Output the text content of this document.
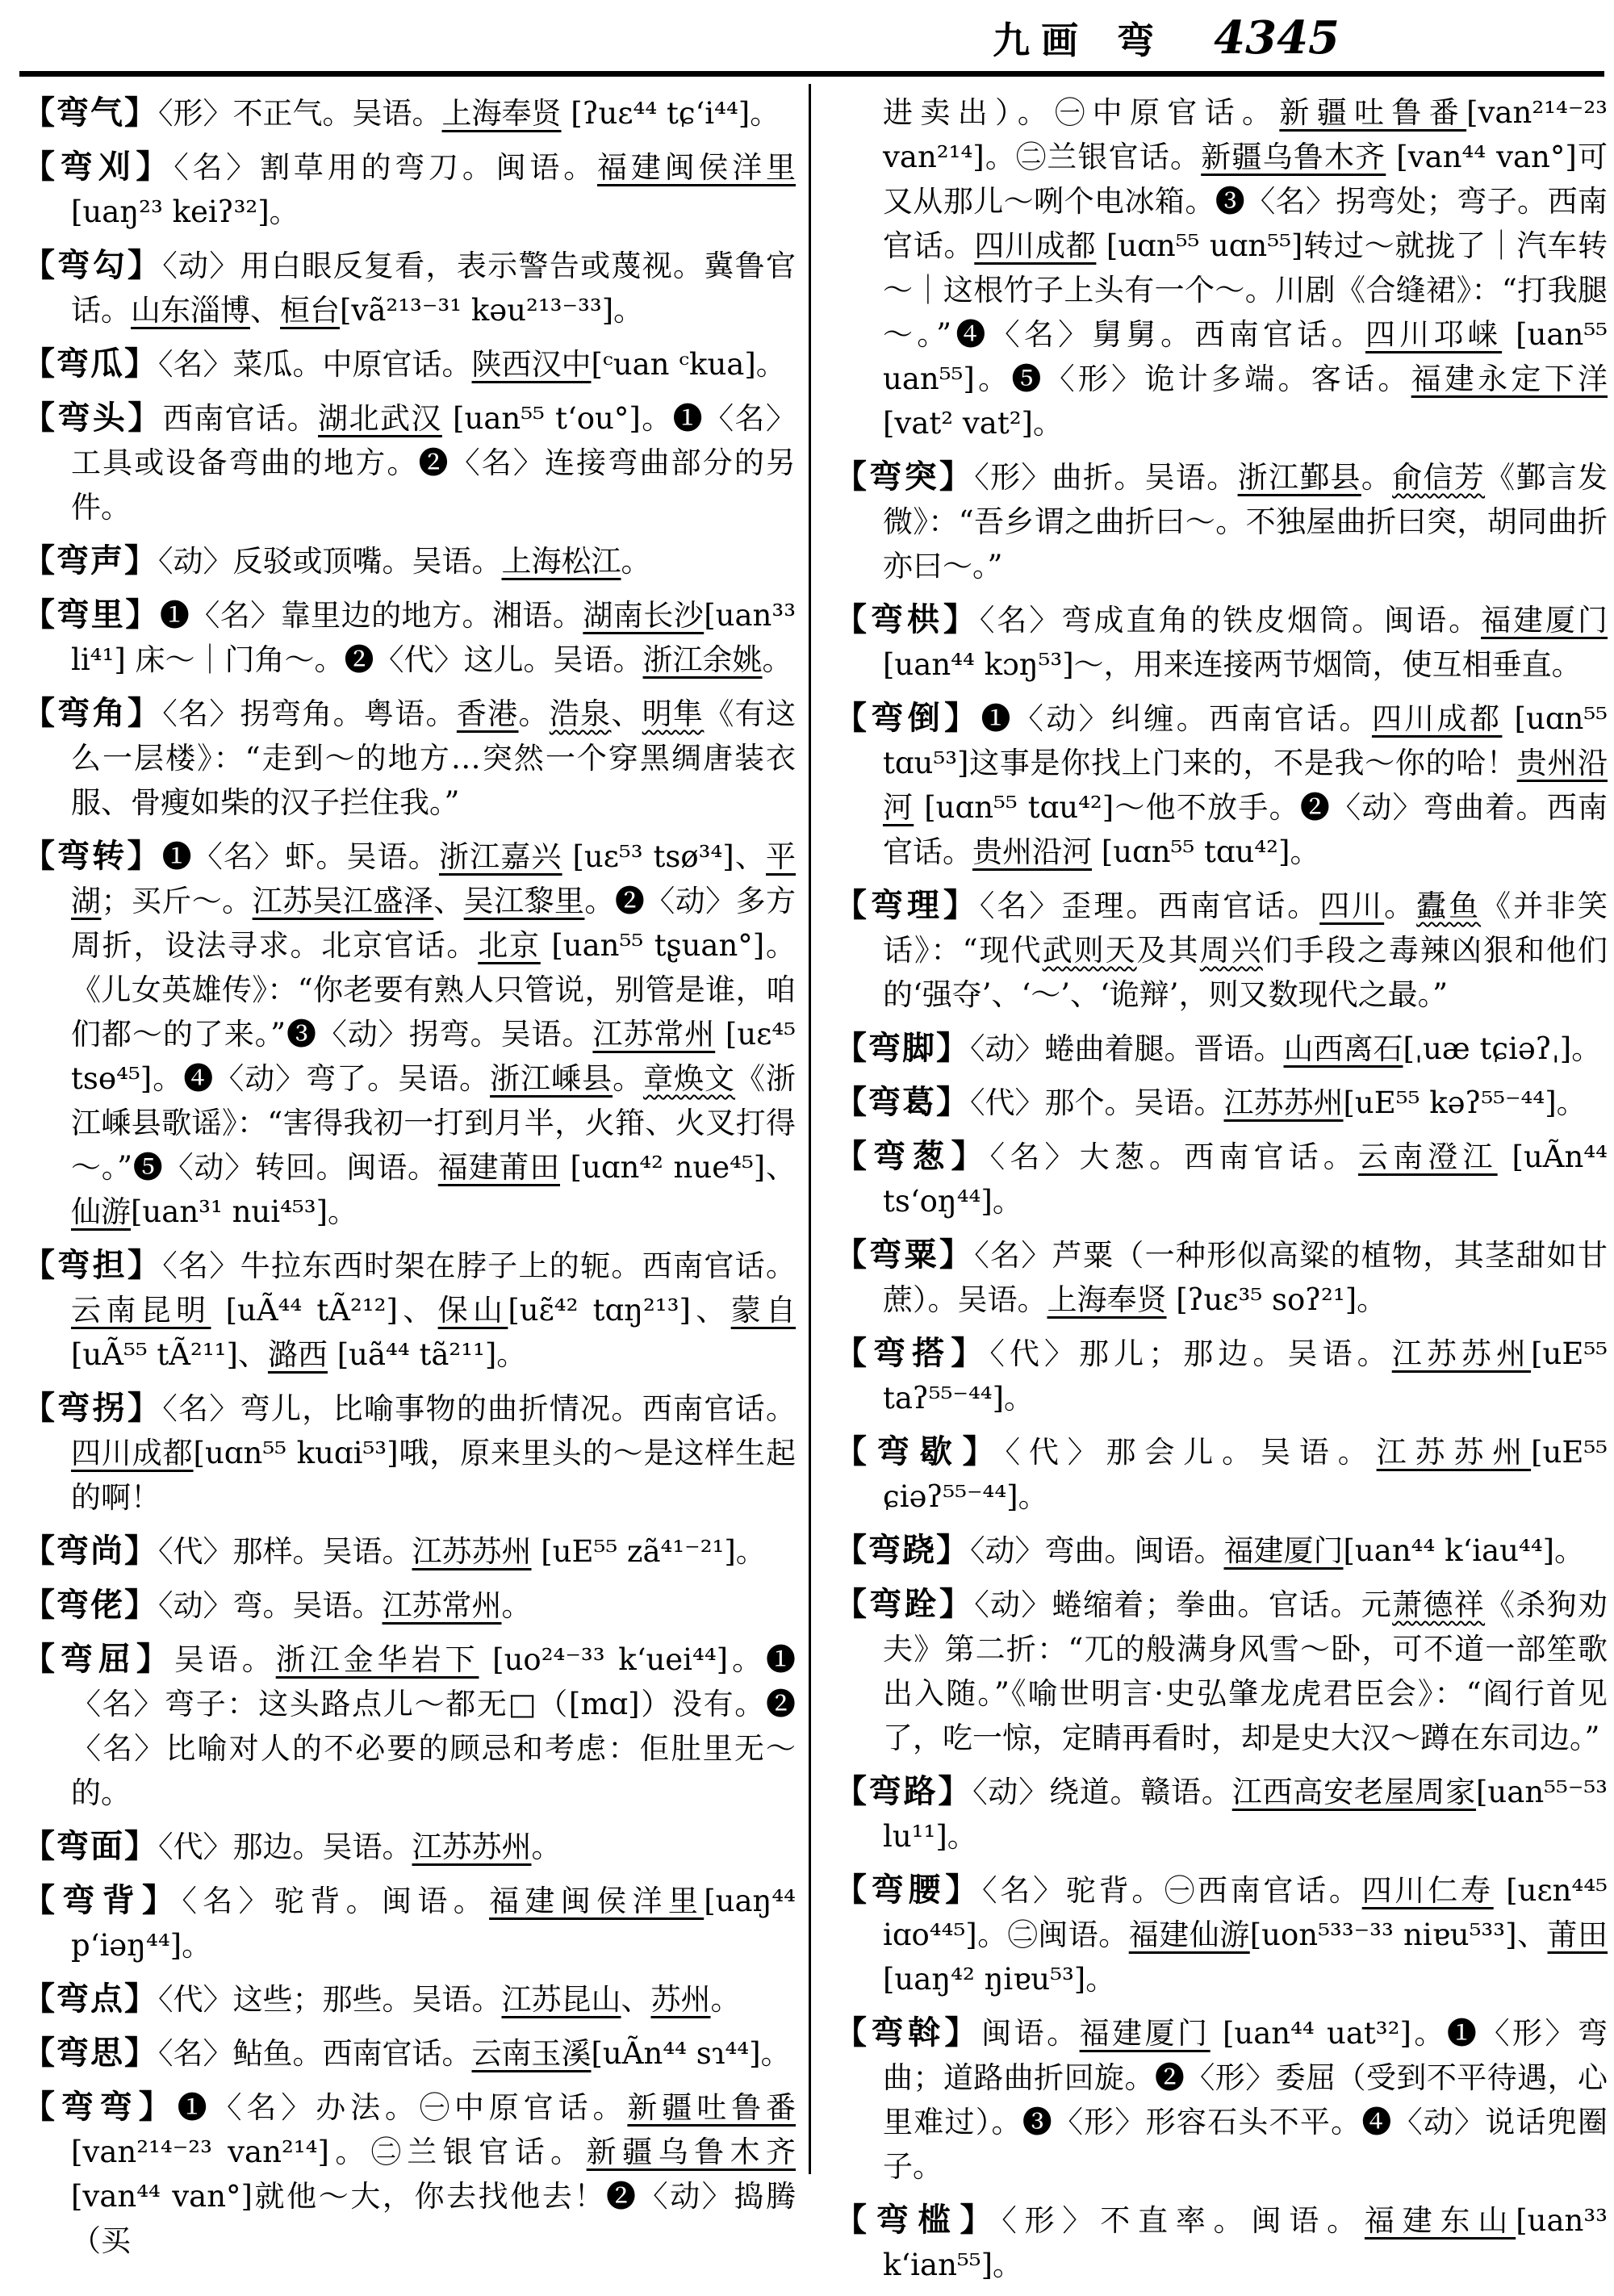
九画 弯 4345

【弯气】〈形〉不正气。吴语。上海奉贤 [ʔuɛ⁴⁴ tɕʻi⁴⁴]。

【弯刈】〈名〉割草用的弯刀。闽语。福建闽侯洋里 [uaŋ²³ keiʔ³²]。

【弯勾】〈动〉用白眼反复看，表示警告或蔑视。冀鲁官话。山东淄博、桓台[vã²¹³⁻³¹ kəu²¹³⁻³³]。

【弯瓜】〈名〉菜瓜。中原官话。陕西汉中[ᶜuan ᶜkua]。

【弯头】西南官话。湖北武汉 [uan⁵⁵ tʻou°]。❶〈名〉工具或设备弯曲的地方。❷〈名〉连接弯曲部分的另件。

【弯声】〈动〉反驳或顶嘴。吴语。上海松江。

【弯里】❶〈名〉靠里边的地方。湘语。湖南长沙[uan³³ li⁴¹] 床～｜门角～。❷〈代〉这儿。吴语。浙江余姚。

【弯角】〈名〉拐弯角。粤语。香港。浩泉、明隼《有这么一层楼》：“走到～的地方…突然一个穿黑绸唐装衣服、骨瘦如柴的汉子拦住我。”

【弯转】❶〈名〉虾。吴语。浙江嘉兴 [uɛ⁵³ tsø³⁴]、平湖；买斤～。江苏吴江盛泽、吴江黎里。❷〈动〉多方周折，设法寻求。北京官话。北京 [uan⁵⁵ tʂuan°]。《儿女英雄传》：“你老要有熟人只管说，别管是谁，咱们都～的了来。”❸〈动〉拐弯。吴语。江苏常州 [uɛ⁴⁵ tsɵ⁴⁵]。❹〈动〉弯了。吴语。浙江嵊县。章焕文《浙江嵊县歌谣》：“害得我初一打到月半，火箝、火叉打得～。”❺〈动〉转回。闽语。福建莆田 [uɑn⁴² nue⁴⁵]、仙游[uan³¹ nui⁴⁵³]。

【弯担】〈名〉牛拉东西时架在脖子上的轭。西南官话。云南昆明 [uÃ⁴⁴ tÃ²¹²]、保山[uɛ̃⁴² tɑŋ²¹³]、蒙自[uÃ⁵⁵ tÃ²¹¹]、潞西 [uã⁴⁴ tã²¹¹]。

【弯拐】〈名〉弯儿，比喻事物的曲折情况。西南官话。四川成都[uɑn⁵⁵ kuɑi⁵³]哦，原来里头的～是这样生起的啊！

【弯尚】〈代〉那样。吴语。江苏苏州 [uE⁵⁵ zã⁴¹⁻²¹]。

【弯佬】〈动〉弯。吴语。江苏常州。

【弯屈】吴语。浙江金华岩下 [uo²⁴⁻³³ kʻuei⁴⁴]。❶〈名〉弯子：这头路点儿～都无□（[mɑ]）没有。❷〈名〉比喻对人的不必要的顾忌和考虑：佢肚里无～的。

【弯面】〈代〉那边。吴语。江苏苏州。

【弯背】〈名〉驼背。闽语。福建闽侯洋里[uaŋ⁴⁴ pʻiəŋ⁴⁴]。

【弯点】〈代〉这些；那些。吴语。江苏昆山、苏州。

【弯思】〈名〉鲇鱼。西南官话。云南玉溪[uÃn⁴⁴ sɿ⁴⁴]。

【弯弯】❶〈名〉办法。㊀中原官话。新疆吐鲁番 [van²¹⁴⁻²³ van²¹⁴]。㊁兰银官话。新疆乌鲁木齐 [van⁴⁴ van°]就他～大，你去找他去！❷〈动〉捣腾（买

进卖出）。㊀中原官话。新疆吐鲁番[van²¹⁴⁻²³ van²¹⁴]。㊁兰银官话。新疆乌鲁木齐 [van⁴⁴ van°]可又从那儿～咧个电冰箱。❸〈名〉拐弯处；弯子。西南官话。四川成都 [uɑn⁵⁵ uɑn⁵⁵]转过～就拢了｜汽车转～｜这根竹子上头有一个～。川剧《合缝裙》：“打我腿～。”❹〈名〉舅舅。西南官话。四川邛崃 [uan⁵⁵ uan⁵⁵]。❺〈形〉诡计多端。客话。福建永定下洋[vat² vat²]。

【弯突】〈形〉曲折。吴语。浙江鄞县。俞信芳《鄞言发微》：“吾乡谓之曲折曰～。不独屋曲折曰突，胡同曲折亦曰～。”

【弯栱】〈名〉弯成直角的铁皮烟筒。闽语。福建厦门[uan⁴⁴ kɔŋ⁵³]～，用来连接两节烟筒，使互相垂直。

【弯倒】❶〈动〉纠缠。西南官话。四川成都 [uɑn⁵⁵ tɑu⁵³]这事是你找上门来的，不是我～你的哈！贵州沿河 [uɑn⁵⁵ tɑu⁴²]～他不放手。❷〈动〉弯曲着。西南官话。贵州沿河 [uɑn⁵⁵ tɑu⁴²]。

【弯理】〈名〉歪理。西南官话。四川。蠹鱼《并非笑话》：“现代武则天及其周兴们手段之毒辣凶狠和他们的‘强夺’、‘～’、‘诡辩’，则又数现代之最。”

【弯脚】〈动〉蜷曲着腿。晋语。山西离石[ˌuæ tɕiəʔˌ]。

【弯葛】〈代〉那个。吴语。江苏苏州[uE⁵⁵ kəʔ⁵⁵⁻⁴⁴]。

【弯葱】〈名〉大葱。西南官话。云南澄江 [uÃn⁴⁴ tsʻoŋ⁴⁴]。

【弯粟】〈名〉芦粟（一种形似高粱的植物，其茎甜如甘蔗）。吴语。上海奉贤 [ʔuɛ³⁵ soʔ²¹]。

【弯搭】〈代〉那儿；那边。吴语。江苏苏州[uE⁵⁵ taʔ⁵⁵⁻⁴⁴]。

【弯歇】〈代〉那会儿。吴语。江苏苏州[uE⁵⁵ ɕiəʔ⁵⁵⁻⁴⁴]。

【弯跷】〈动〉弯曲。闽语。福建厦门[uan⁴⁴ kʻiau⁴⁴]。

【弯跧】〈动〉蜷缩着；拳曲。官话。元萧德祥《杀狗劝夫》第二折：“兀的般满身风雪～卧，可不道一部笙歌出入随。”《喻世明言·史弘肇龙虎君臣会》：“阎行首见了，吃一惊，定睛再看时，却是史大汉～蹲在东司边。”

【弯路】〈动〉绕道。赣语。江西高安老屋周家[uan⁵⁵⁻⁵³ lu¹¹]。

【弯腰】〈名〉驼背。㊀西南官话。四川仁寿 [uɛn⁴⁴⁵ iɑo⁴⁴⁵]。㊁闽语。福建仙游[uon⁵³³⁻³³ niɐu⁵³³]、莆田[uaŋ⁴² ŋiɐu⁵³]。

【弯斡】闽语。福建厦门 [uan⁴⁴ uat³²]。❶〈形〉弯曲；道路曲折回旋。❷〈形〉委屈（受到不平待遇，心里难过）。❸〈形〉形容石头不平。❹〈动〉说话兜圈子。

【弯槛】〈形〉不直率。闽语。福建东山[uan³³ kʻian⁵⁵]。
